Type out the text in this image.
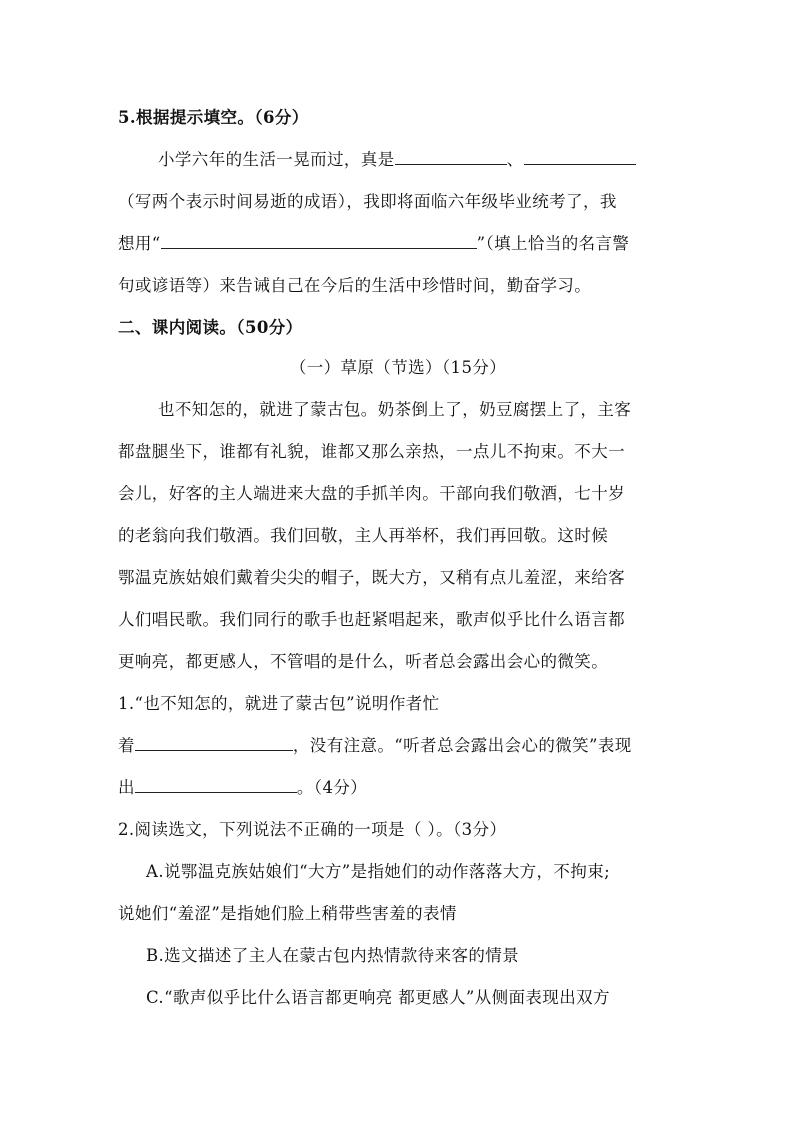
5.根据提示填空。（6分）
小学六年的生活一晃而过，真是	、
（写两个表示时间易逝的成语），我即将面临六年级毕业统考了，我
想用“	”（填上恰当的名言警
句或谚语等）来告诫自己在今后的生活中珍惜时间，勤奋学习。
二、课内阅读。（50分）
（一）草原（节选）（15分）
也不知怎的，就进了蒙古包。奶茶倒上了，奶豆腐摆上了，主客
都盘腿坐下，谁都有礼貌，谁都又那么亲热，一点儿不拘束。不大一
会儿，好客的主人端进来大盘的手抓羊肉。干部向我们敬酒，七十岁
的老翁向我们敬酒。我们回敬，主人再举杯，我们再回敬。这时候
鄂温克族姑娘们戴着尖尖的帽子，既大方，又稍有点儿羞涩，来给客
人们唱民歌。我们同行的歌手也赶紧唱起来，歌声似乎比什么语言都
更响亮，都更感人，不管唱的是什么，听者总会露出会心的微笑。
1.“也不知怎的，就进了蒙古包”说明作者忙
着	，没有注意。“听者总会露出会心的微笑”表现
出	。（4分）
2.阅读选文，下列说法不正确的一项是（ ）。（3分）
A.说鄂温克族姑娘们“大方”是指她们的动作落落大方，不拘束;
说她们“羞涩”是指她们脸上稍带些害羞的表情
B.选文描述了主人在蒙古包内热情款待来客的情景
C.“歌声似乎比什么语言都更响亮 都更感人”从侧面表现出双方
